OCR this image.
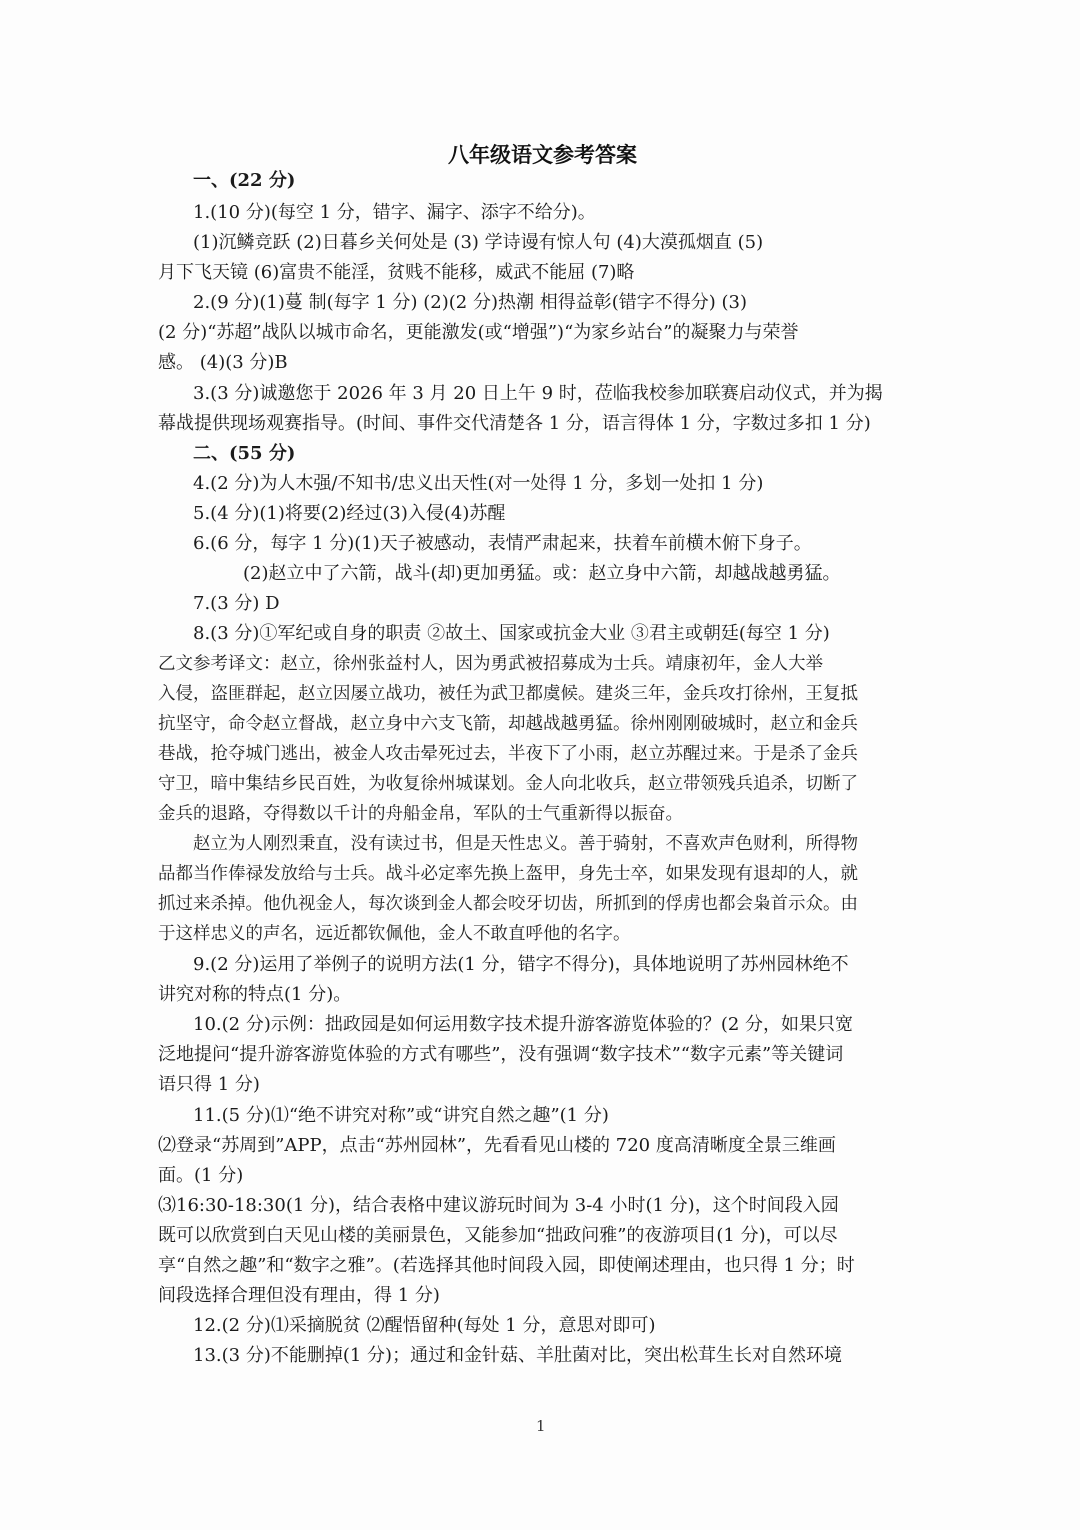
八年级语文参考答案
一、(22 分)
1.(10 分)(每空 1 分，错字、漏字、添字不给分)。
(1)沉鳞竞跃 (2)日暮乡关何处是 (3) 学诗谩有惊人句 (4)大漠孤烟直 (5)
月下飞天镜 (6)富贵不能淫，贫贱不能移，威武不能屈 (7)略
2.(9 分)(1)蔓 制(每字 1 分) (2)(2 分)热潮 相得益彰(错字不得分) (3)
(2 分)“苏超”战队以城市命名，更能激发(或“增强”)“为家乡站台”的凝聚力与荣誉
感。 (4)(3 分)B
3.(3 分)诚邀您于 2026 年 3 月 20 日上午 9 时，莅临我校参加联赛启动仪式，并为揭
幕战提供现场观赛指导。(时间、事件交代清楚各 1 分，语言得体 1 分，字数过多扣 1 分)
二、(55 分)
4.(2 分)为人木强/不知书/忠义出天性(对一处得 1 分，多划一处扣 1 分)
5.(4 分)(1)将要(2)经过(3)入侵(4)苏醒
6.(6 分，每字 1 分)(1)天子被感动，表情严肃起来，扶着车前横木俯下身子。
(2)赵立中了六箭，战斗(却)更加勇猛。或：赵立身中六箭，却越战越勇猛。
7.(3 分) D
8.(3 分)①军纪或自身的职责 ②故土、国家或抗金大业 ③君主或朝廷(每空 1 分)
乙文参考译文：赵立，徐州张益村人，因为勇武被招募成为士兵。靖康初年，金人大举
入侵，盗匪群起，赵立因屡立战功，被任为武卫都虞候。建炎三年，金兵攻打徐州，王复抵
抗坚守，命令赵立督战，赵立身中六支飞箭，却越战越勇猛。徐州刚刚破城时，赵立和金兵
巷战，抢夺城门逃出，被金人攻击晕死过去，半夜下了小雨，赵立苏醒过来。于是杀了金兵
守卫，暗中集结乡民百姓，为收复徐州城谋划。金人向北收兵，赵立带领残兵追杀，切断了
金兵的退路，夺得数以千计的舟船金帛，军队的士气重新得以振奋。
赵立为人刚烈秉直，没有读过书，但是天性忠义。善于骑射，不喜欢声色财利，所得物
品都当作俸禄发放给与士兵。战斗必定率先换上盔甲，身先士卒，如果发现有退却的人，就
抓过来杀掉。他仇视金人，每次谈到金人都会咬牙切齿，所抓到的俘虏也都会枭首示众。由
于这样忠义的声名，远近都钦佩他，金人不敢直呼他的名字。
9.(2 分)运用了举例子的说明方法(1 分，错字不得分)，具体地说明了苏州园林绝不
讲究对称的特点(1 分)。
10.(2 分)示例：拙政园是如何运用数字技术提升游客游览体验的？(2 分，如果只宽
泛地提问“提升游客游览体验的方式有哪些”，没有强调“数字技术”“数字元素”等关键词
语只得 1 分)
11.(5 分)⑴“绝不讲究对称”或“讲究自然之趣”(1 分)
⑵登录“苏周到”APP，点击“苏州园林”，先看看见山楼的 720 度高清晰度全景三维画
面。(1 分)
⑶16:30-18:30(1 分)，结合表格中建议游玩时间为 3-4 小时(1 分)，这个时间段入园
既可以欣赏到白天见山楼的美丽景色，又能参加“拙政问雅”的夜游项目(1 分)，可以尽
享“自然之趣”和“数字之雅”。(若选择其他时间段入园，即使阐述理由，也只得 1 分；时
间段选择合理但没有理由，得 1 分)
12.(2 分)⑴采摘脱贫 ⑵醒悟留种(每处 1 分，意思对即可)
13.(3 分)不能删掉(1 分)；通过和金针菇、羊肚菌对比，突出松茸生长对自然环境
1
